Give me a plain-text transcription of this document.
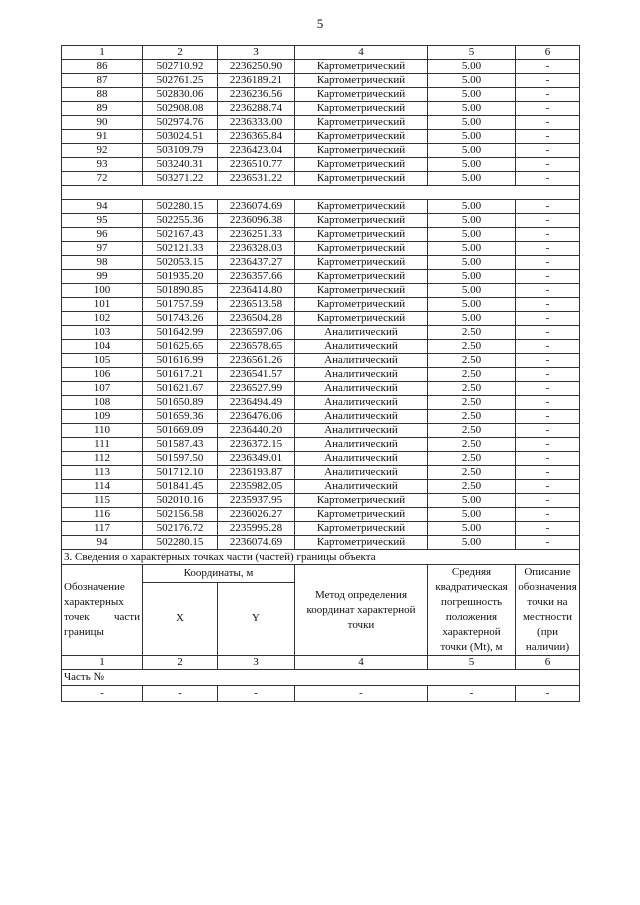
5
1	2	3	4	5	6
86	502710.92	2236250.90	Картометрический	5.00	-
87	502761.25	2236189.21	Картометрический	5.00	-
88	502830.06	2236236.56	Картометрический	5.00	-
89	502908.08	2236288.74	Картометрический	5.00	-
90	502974.76	2236333.00	Картометрический	5.00	-
91	503024.51	2236365.84	Картометрический	5.00	-
92	503109.79	2236423.04	Картометрический	5.00	-
93	503240.31	2236510.77	Картометрический	5.00	-
72	503271.22	2236531.22	Картометрический	5.00	-

94	502280.15	2236074.69	Картометрический	5.00	-
95	502255.36	2236096.38	Картометрический	5.00	-
96	502167.43	2236251.33	Картометрический	5.00	-
97	502121.33	2236328.03	Картометрический	5.00	-
98	502053.15	2236437.27	Картометрический	5.00	-
99	501935.20	2236357.66	Картометрический	5.00	-
100	501890.85	2236414.80	Картометрический	5.00	-
101	501757.59	2236513.58	Картометрический	5.00	-
102	501743.26	2236504.28	Картометрический	5.00	-
103	501642.99	2236597.06	Аналитический	2.50	-
104	501625.65	2236578.65	Аналитический	2.50	-
105	501616.99	2236561.26	Аналитический	2.50	-
106	501617.21	2236541.57	Аналитический	2.50	-
107	501621.67	2236527.99	Аналитический	2.50	-
108	501650.89	2236494.49	Аналитический	2.50	-
109	501659.36	2236476.06	Аналитический	2.50	-
110	501669.09	2236440.20	Аналитический	2.50	-
111	501587.43	2236372.15	Аналитический	2.50	-
112	501597.50	2236349.01	Аналитический	2.50	-
113	501712.10	2236193.87	Аналитический	2.50	-
114	501841.45	2235982.05	Аналитический	2.50	-
115	502010.16	2235937.95	Картометрический	5.00	-
116	502156.58	2236026.27	Картометрический	5.00	-
117	502176.72	2235995.28	Картометрический	5.00	-
94	502280.15	2236074.69	Картометрический	5.00	-
3. Сведения о характерных точках части (частей) границы объекта					
Обозначение характерных точек части границы	Координаты, м		Метод определения координат характерной точки	Средняя квадратическая погрешность положения характерной точки (Mt), м	Описание обозначения точки на местности (при наличии)
	X	Y			
1	2	3	4	5	6
Часть №					
-	-	-	-	-	-
